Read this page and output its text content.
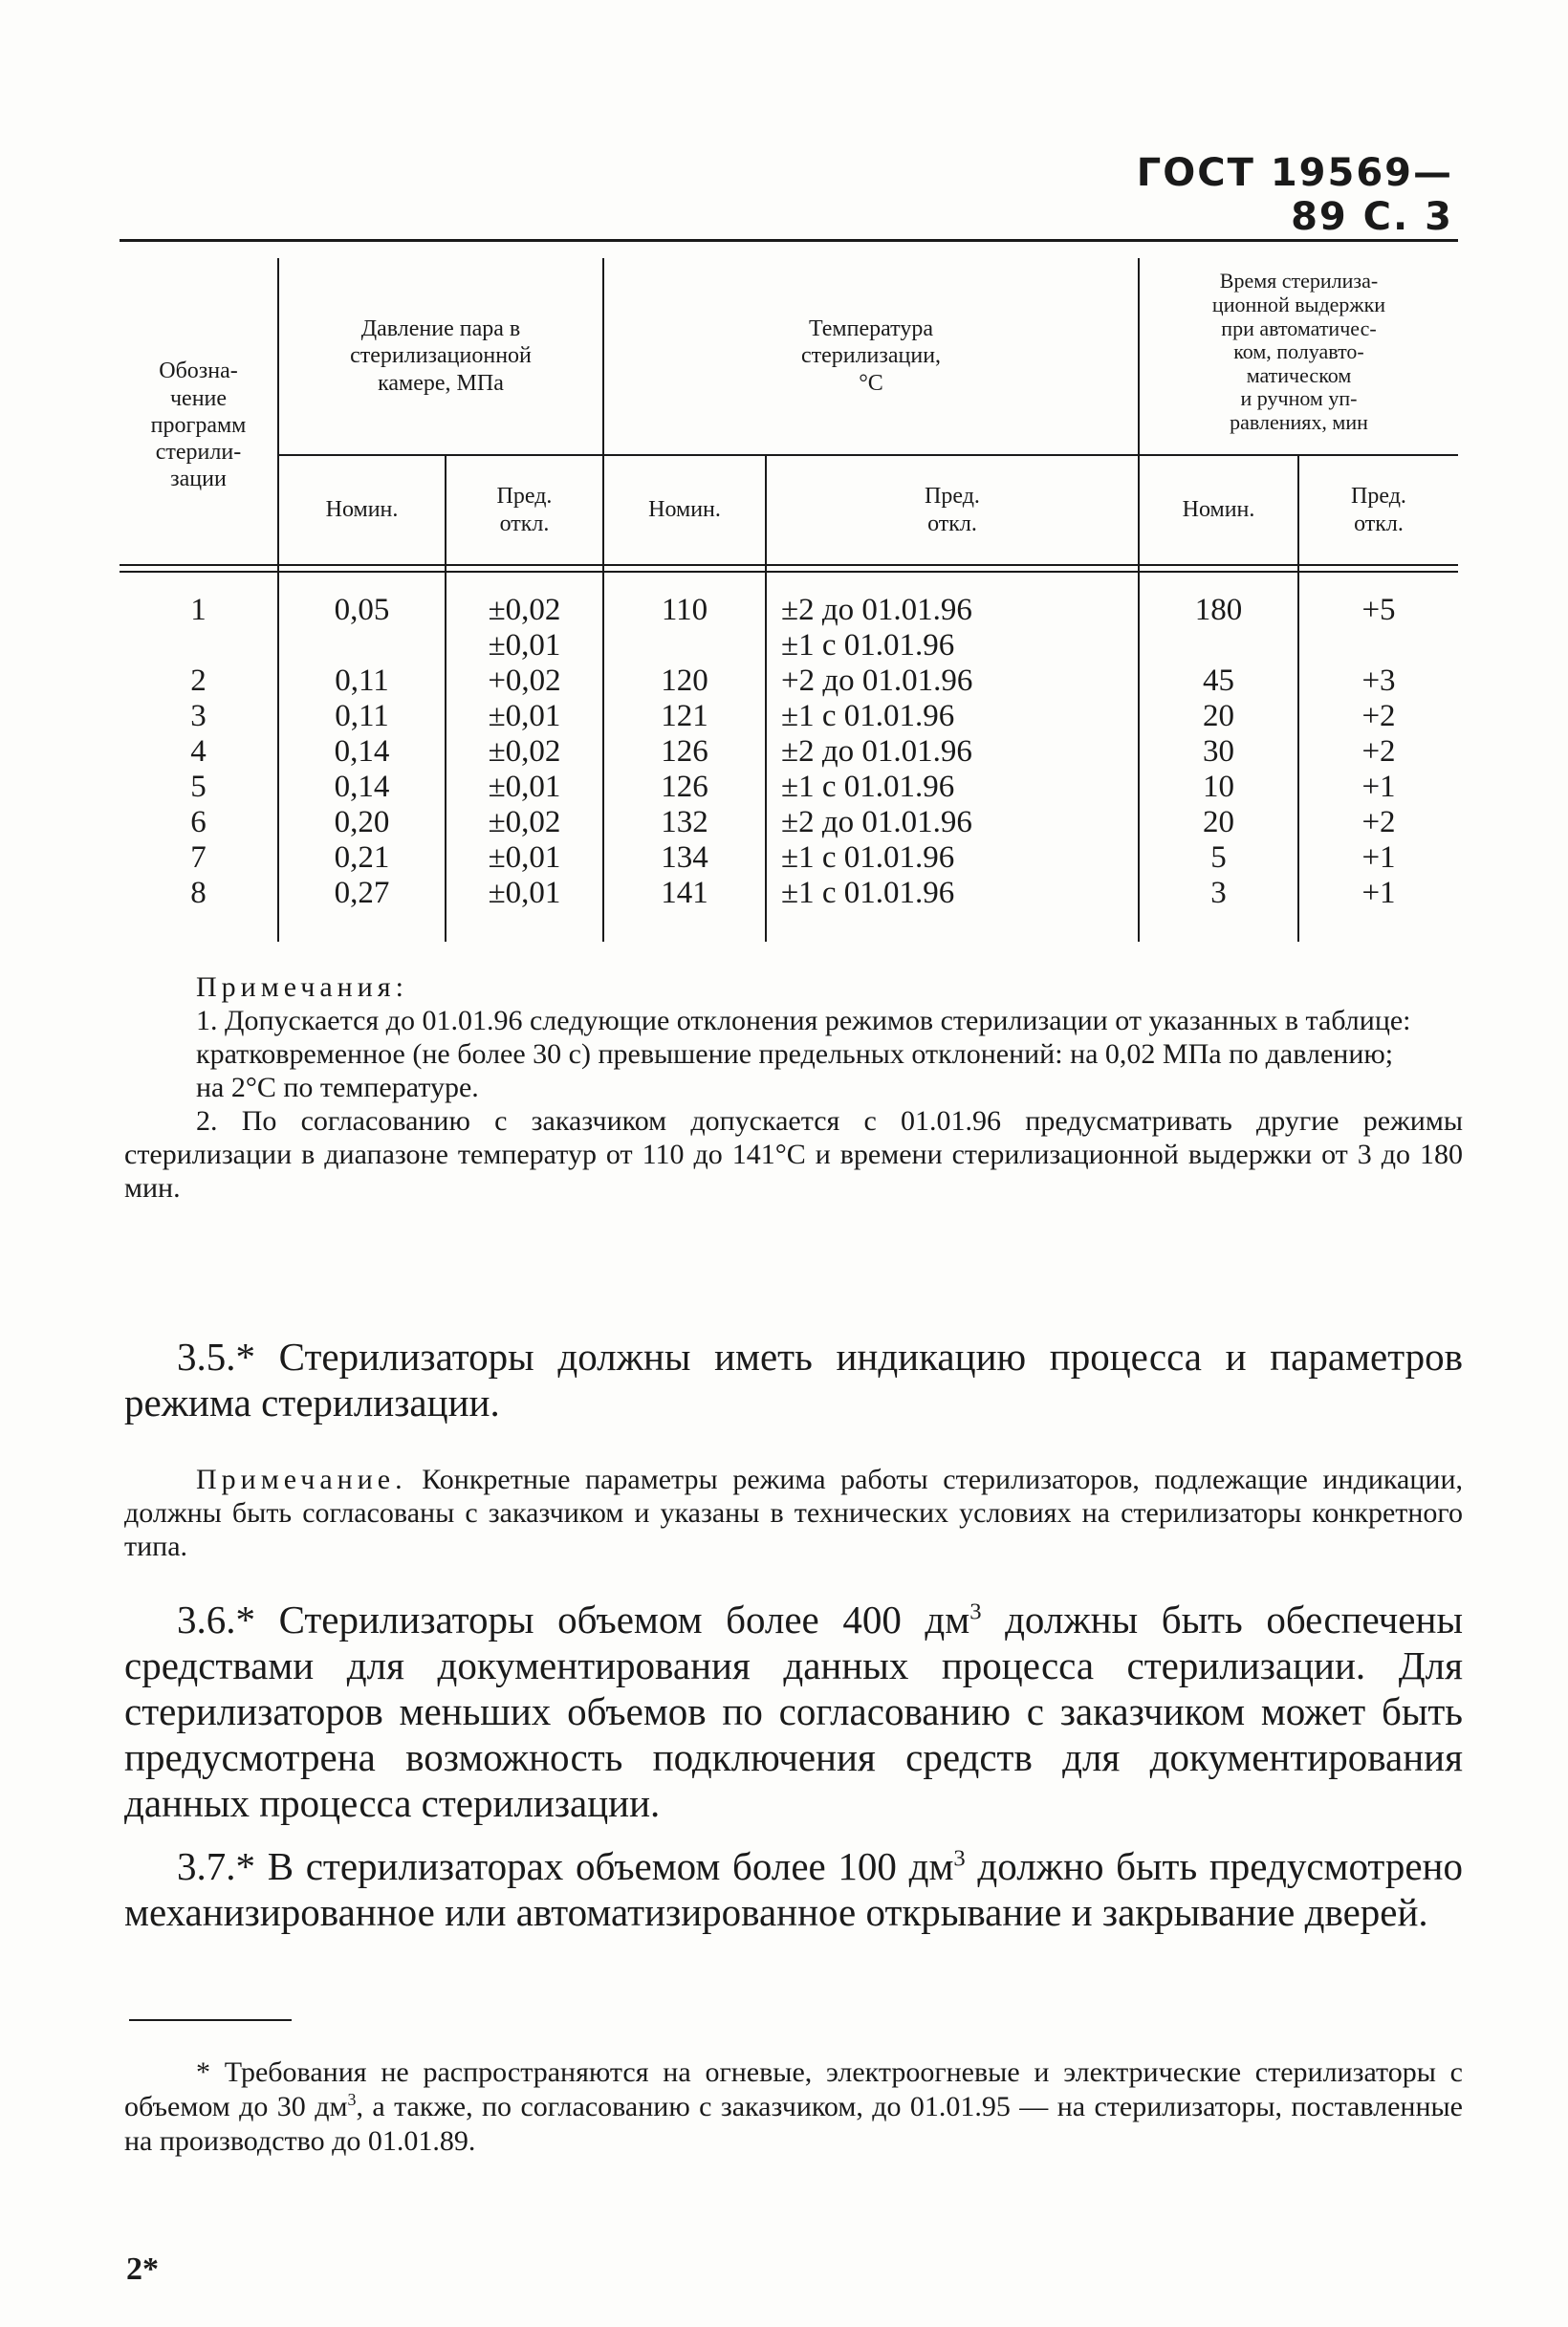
ГОСТ 19569—89 С. 3
Обозна-
чение
программ
стерили-
зации
Давление пара в
стерилизационной
камере, МПа
Температура
стерилизации,
°С
Время стерилиза-
ционной выдержки
при автоматичес-
ком, полуавто-
матическом
и ручном уп-
равлениях, мин
Номин.
Пред.
откл.
Номин.
Пред.
откл.
Номин.
Пред.
откл.
1

2
3
4
5
6
7
8
0,05

0,11
0,11
0,14
0,14
0,20
0,21
0,27
±0,02
±0,01
+0,02
±0,01
±0,02
±0,01
±0,02
±0,01
±0,01
110

120
121
126
126
132
134
141
±2 до 01.01.96
±1 с 01.01.96
+2 до 01.01.96
±1 с 01.01.96
±2 до 01.01.96
±1 с 01.01.96
±2 до 01.01.96
±1 с 01.01.96
±1 с 01.01.96
180

45
20
30
10
20
5
3
+5

+3
+2
+2
+1
+2
+1
+1

Примечания:

1. Допускается до 01.01.96 следующие отклонения режимов стерилизации от указанных в таблице:

кратковременное (не более 30 с) превышение предельных отклонений: на 0,02 МПа по давлению;

на 2°С по температуре.

2. По согласованию с заказчиком допускается с 01.01.96 предусматривать другие режимы стерилизации в диапазоне температур от 110 до 141°С и времени стерилизационной выдержки от 3 до 180 мин.

3.5.* Стерилизаторы должны иметь индикацию процесса и параметров режима стерилизации.

Примечание. Конкретные параметры режима работы стерилизаторов, подлежащие индикации, должны быть согласованы с заказчиком и указаны в технических условиях на стерилизаторы конкретного типа.

3.6.* Стерилизаторы объемом более 400 $дм^3$ должны быть обеспечены средствами для документирования данных процесса стерилизации. Для стерилизаторов меньших объемов по согласованию с заказчиком может быть предусмотрена возможность подключения средств для документирования данных процесса стерилизации.

3.7.* В стерилизаторах объемом более 100 $дм^3$ должно быть предусмотрено механизированное или автоматизированное открывание и закрывание дверей.

* Требования не распространяются на огневые, электроогневые и электрические стерилизаторы с объемом до 30 $дм^3$, а также, по согласованию с заказчиком, до 01.01.95 — на стерилизаторы, поставленные на производство до 01.01.89.

2*
